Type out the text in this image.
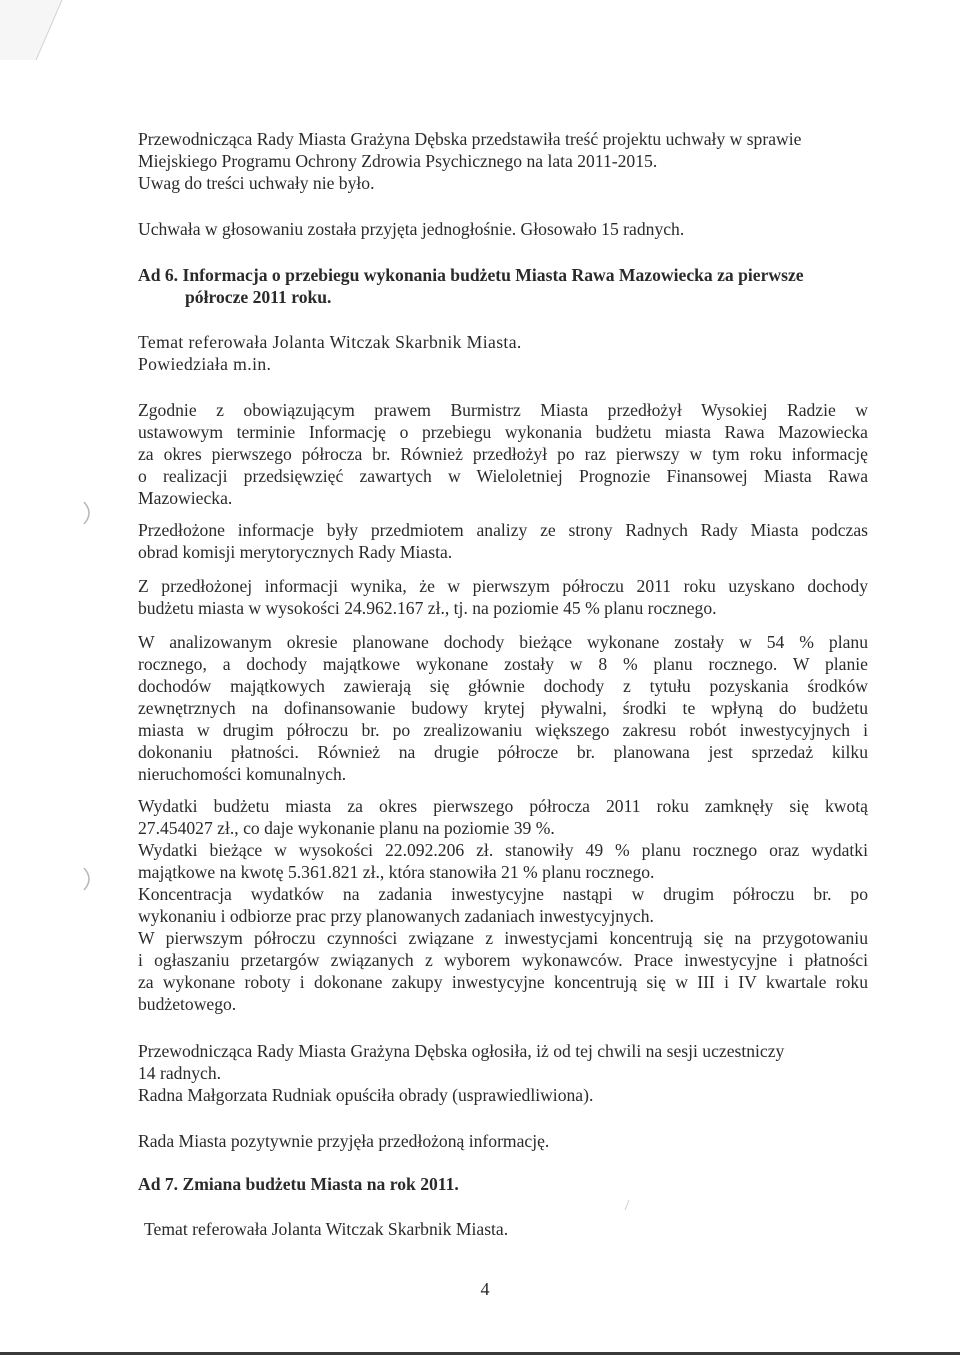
Przewodnicząca Rady Miasta Grażyna Dębska przedstawiła treść projektu uchwały w sprawie
Miejskiego Programu Ochrony Zdrowia Psychicznego na lata 2011-2015.
Uwag do treści uchwały nie było.
Uchwała w głosowaniu została przyjęta jednogłośnie. Głosowało 15 radnych.
Ad 6. Informacja o przebiegu wykonania budżetu Miasta Rawa Mazowiecka za pierwsze
półrocze 2011 roku.
Temat referowała Jolanta Witczak Skarbnik Miasta.
Powiedziała m.in.
Zgodnie z obowiązującym prawem Burmistrz Miasta przedłożył Wysokiej Radzie w
ustawowym terminie Informację o przebiegu wykonania budżetu miasta Rawa Mazowiecka
za okres pierwszego półrocza br. Również przedłożył po raz pierwszy w tym roku informację
o realizacji przedsięwzięć zawartych w Wieloletniej Prognozie Finansowej Miasta Rawa
Mazowiecka.
Przedłożone informacje były przedmiotem analizy ze strony Radnych Rady Miasta podczas
obrad komisji merytorycznych Rady Miasta.
Z przedłożonej informacji wynika, że w pierwszym półroczu 2011 roku uzyskano dochody
budżetu miasta w wysokości 24.962.167 zł., tj. na poziomie 45 % planu rocznego.
W analizowanym okresie planowane dochody bieżące wykonane zostały w 54 % planu
rocznego, a dochody majątkowe wykonane zostały w 8 % planu rocznego. W planie
dochodów majątkowych zawierają się głównie dochody z tytułu pozyskania środków
zewnętrznych na dofinansowanie budowy krytej pływalni, środki te wpłyną do budżetu
miasta w drugim półroczu br. po zrealizowaniu większego zakresu robót inwestycyjnych i
dokonaniu płatności. Również na drugie półrocze br. planowana jest sprzedaż kilku
nieruchomości komunalnych.
Wydatki budżetu miasta za okres pierwszego półrocza 2011 roku zamknęły się kwotą
27.454027 zł., co daje wykonanie planu na poziomie 39 %.
Wydatki bieżące w wysokości 22.092.206 zł. stanowiły 49 % planu rocznego oraz wydatki
majątkowe na kwotę 5.361.821 zł., która stanowiła 21 % planu rocznego.
Koncentracja wydatków na zadania inwestycyjne nastąpi w drugim półroczu br. po
wykonaniu i odbiorze prac przy planowanych zadaniach inwestycyjnych.
W pierwszym półroczu czynności związane z inwestycjami koncentrują się na przygotowaniu
i ogłaszaniu przetargów związanych z wyborem wykonawców. Prace inwestycyjne i płatności
za wykonane roboty i dokonane zakupy inwestycyjne koncentrują się w III i IV kwartale roku
budżetowego.
Przewodnicząca Rady Miasta Grażyna Dębska ogłosiła, iż od tej chwili na sesji uczestniczy
14 radnych.
Radna Małgorzata Rudniak opuściła obrady (usprawiedliwiona).
Rada Miasta pozytywnie przyjęła przedłożoną informację.
Ad 7. Zmiana budżetu Miasta na rok 2011.
Temat referowała Jolanta Witczak Skarbnik Miasta.
4
